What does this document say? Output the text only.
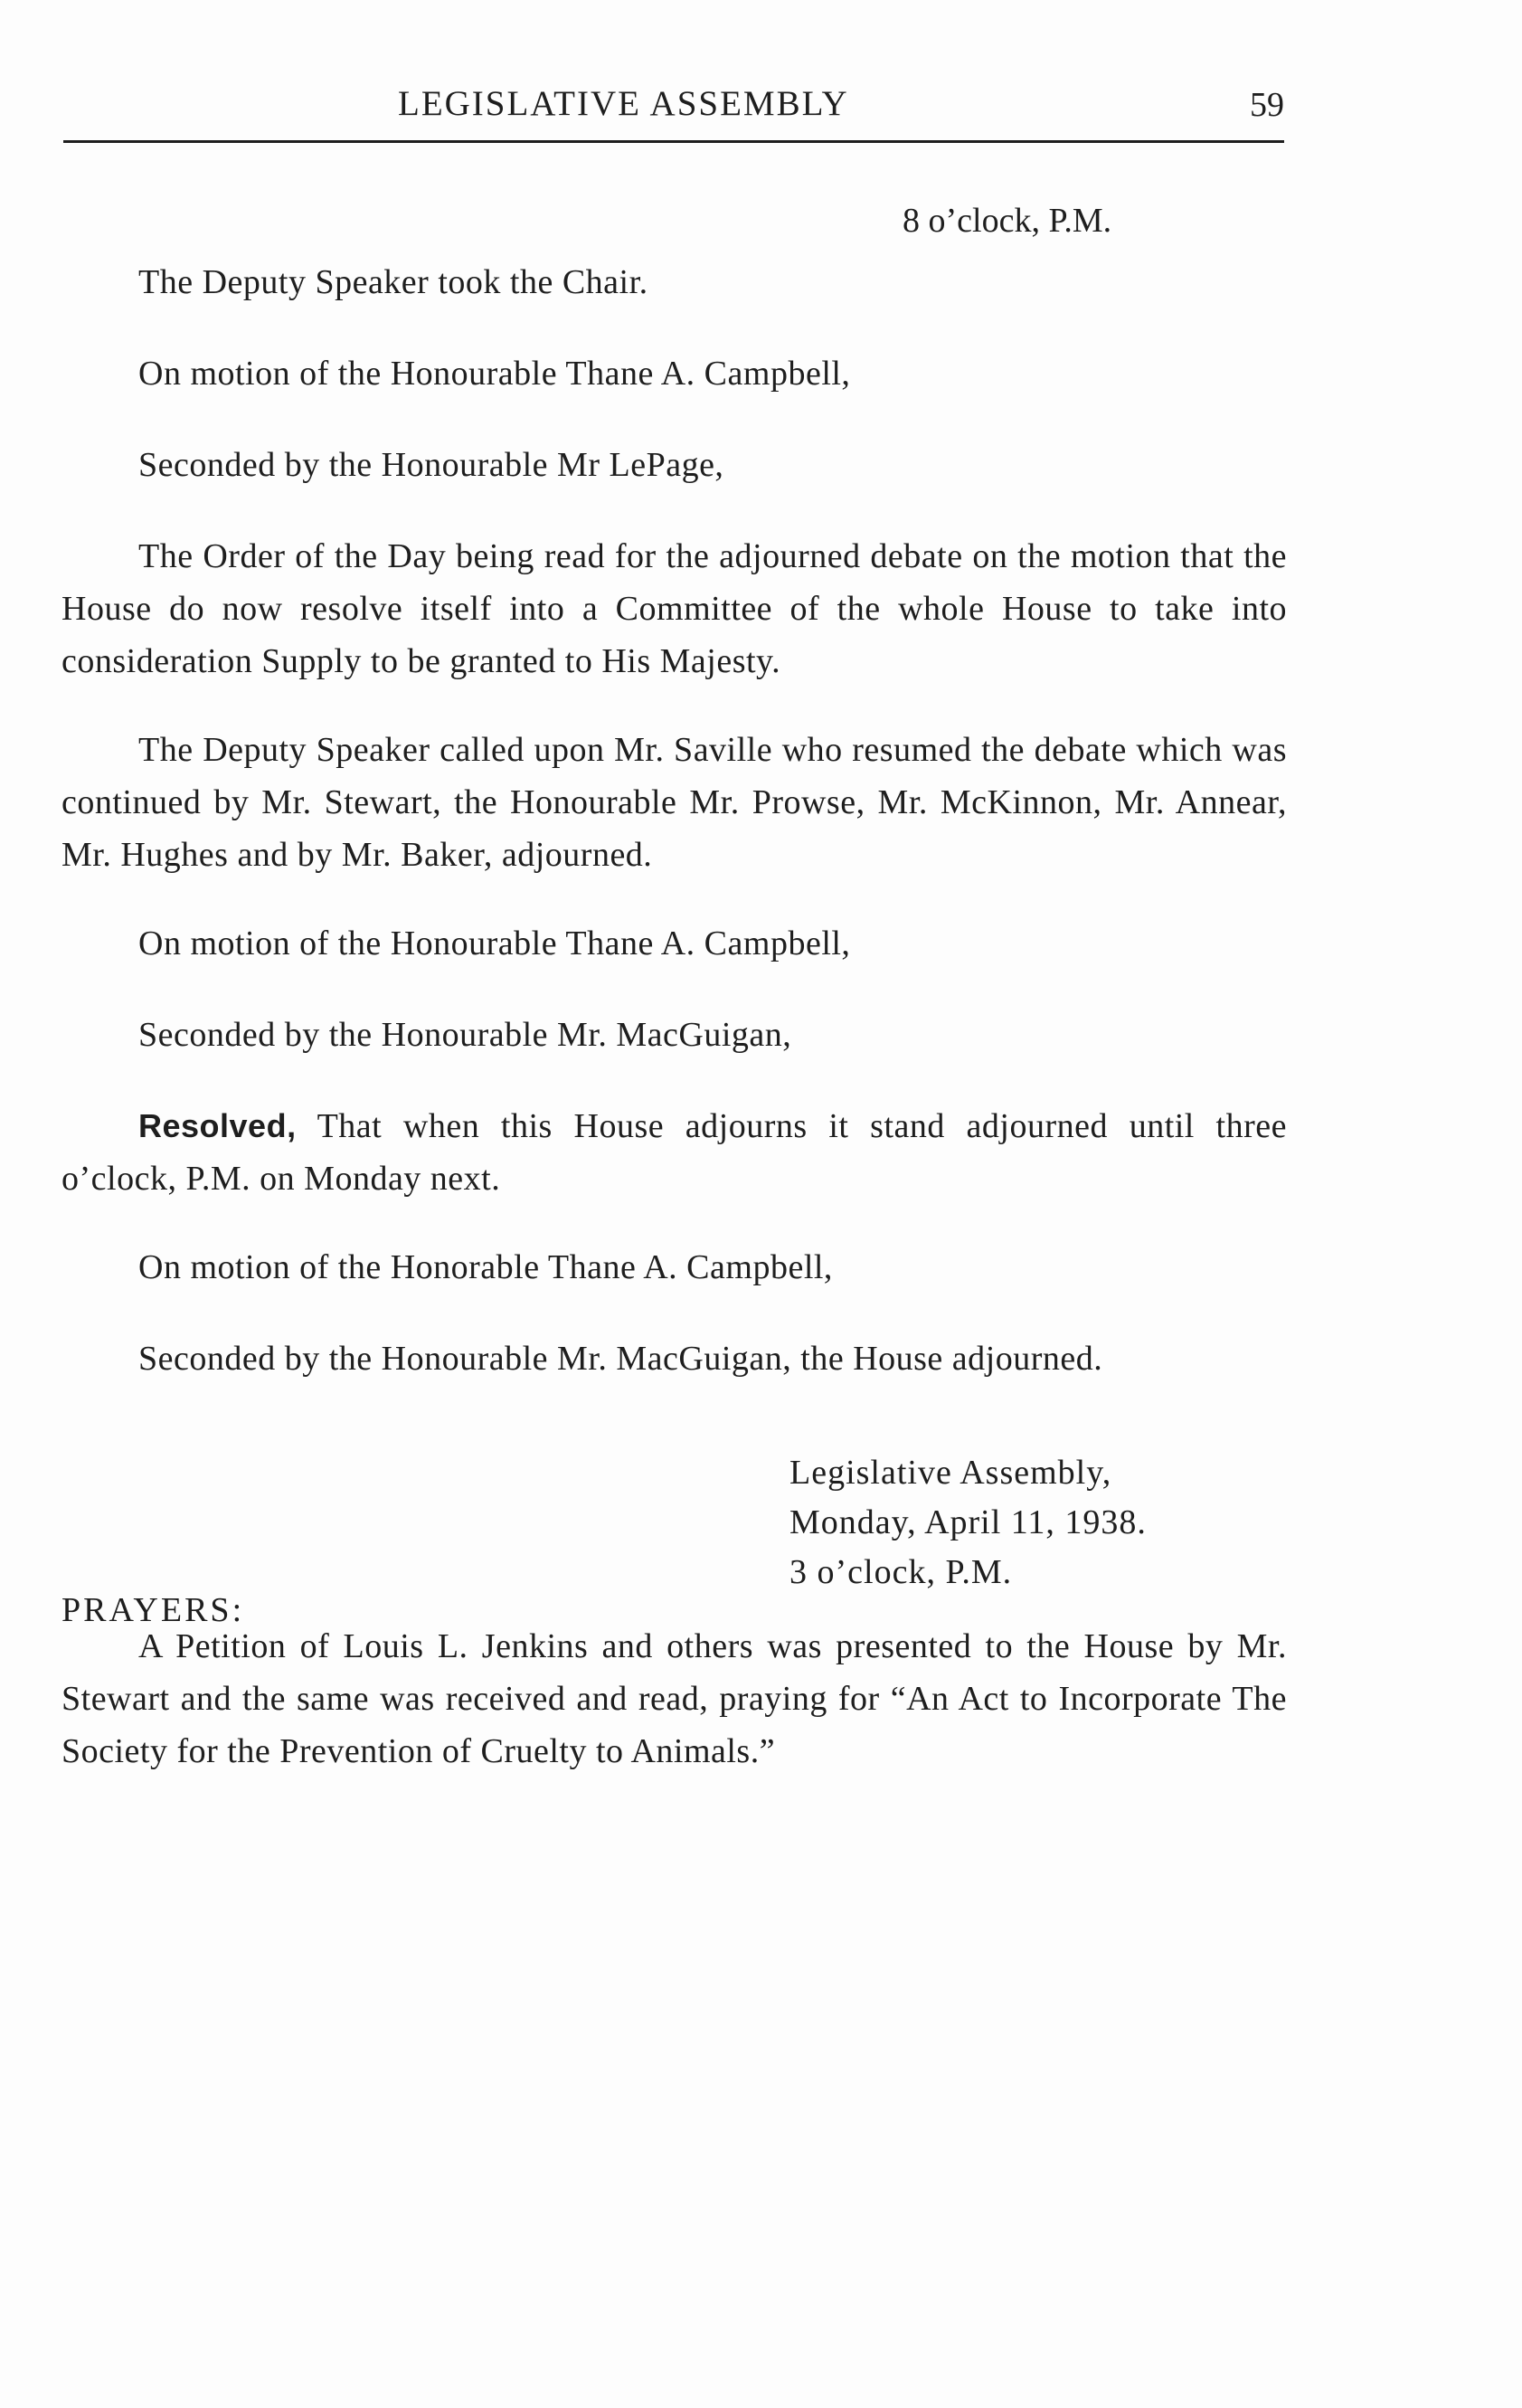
LEGISLATIVE ASSEMBLY	59
8 o’clock, P.M.

The Deputy Speaker took the Chair.

On motion of the Honourable Thane A. Campbell,

Seconded by the Honourable Mr LePage,

The Order of the Day being read for the adjourned debate on the motion that the House do now resolve itself into a Committee of the whole House to take into consideration Supply to be granted to His Majesty.

The Deputy Speaker called upon Mr. Saville who resumed the debate which was continued by Mr. Stewart, the Honourable Mr. Prowse, Mr. McKinnon, Mr. Annear, Mr. Hughes and by Mr. Baker, adjourned.

On motion of the Honourable Thane A. Campbell,

Seconded by the Honourable Mr. MacGuigan,

Resolved, That when this House adjourns it stand adjourned until three o’clock, P.M. on Monday next.

On motion of the Honorable Thane A. Campbell,

Seconded by the Honourable Mr. MacGuigan, the House adjourned.

Legislative Assembly,
Monday, April 11, 1938.
3 o’clock, P.M.
PRAYERS:

A Petition of Louis L. Jenkins and others was presented to the House by Mr. Stewart and the same was received and read, praying for “An Act to Incorporate The Society for the Prevention of Cruelty to Animals.”
